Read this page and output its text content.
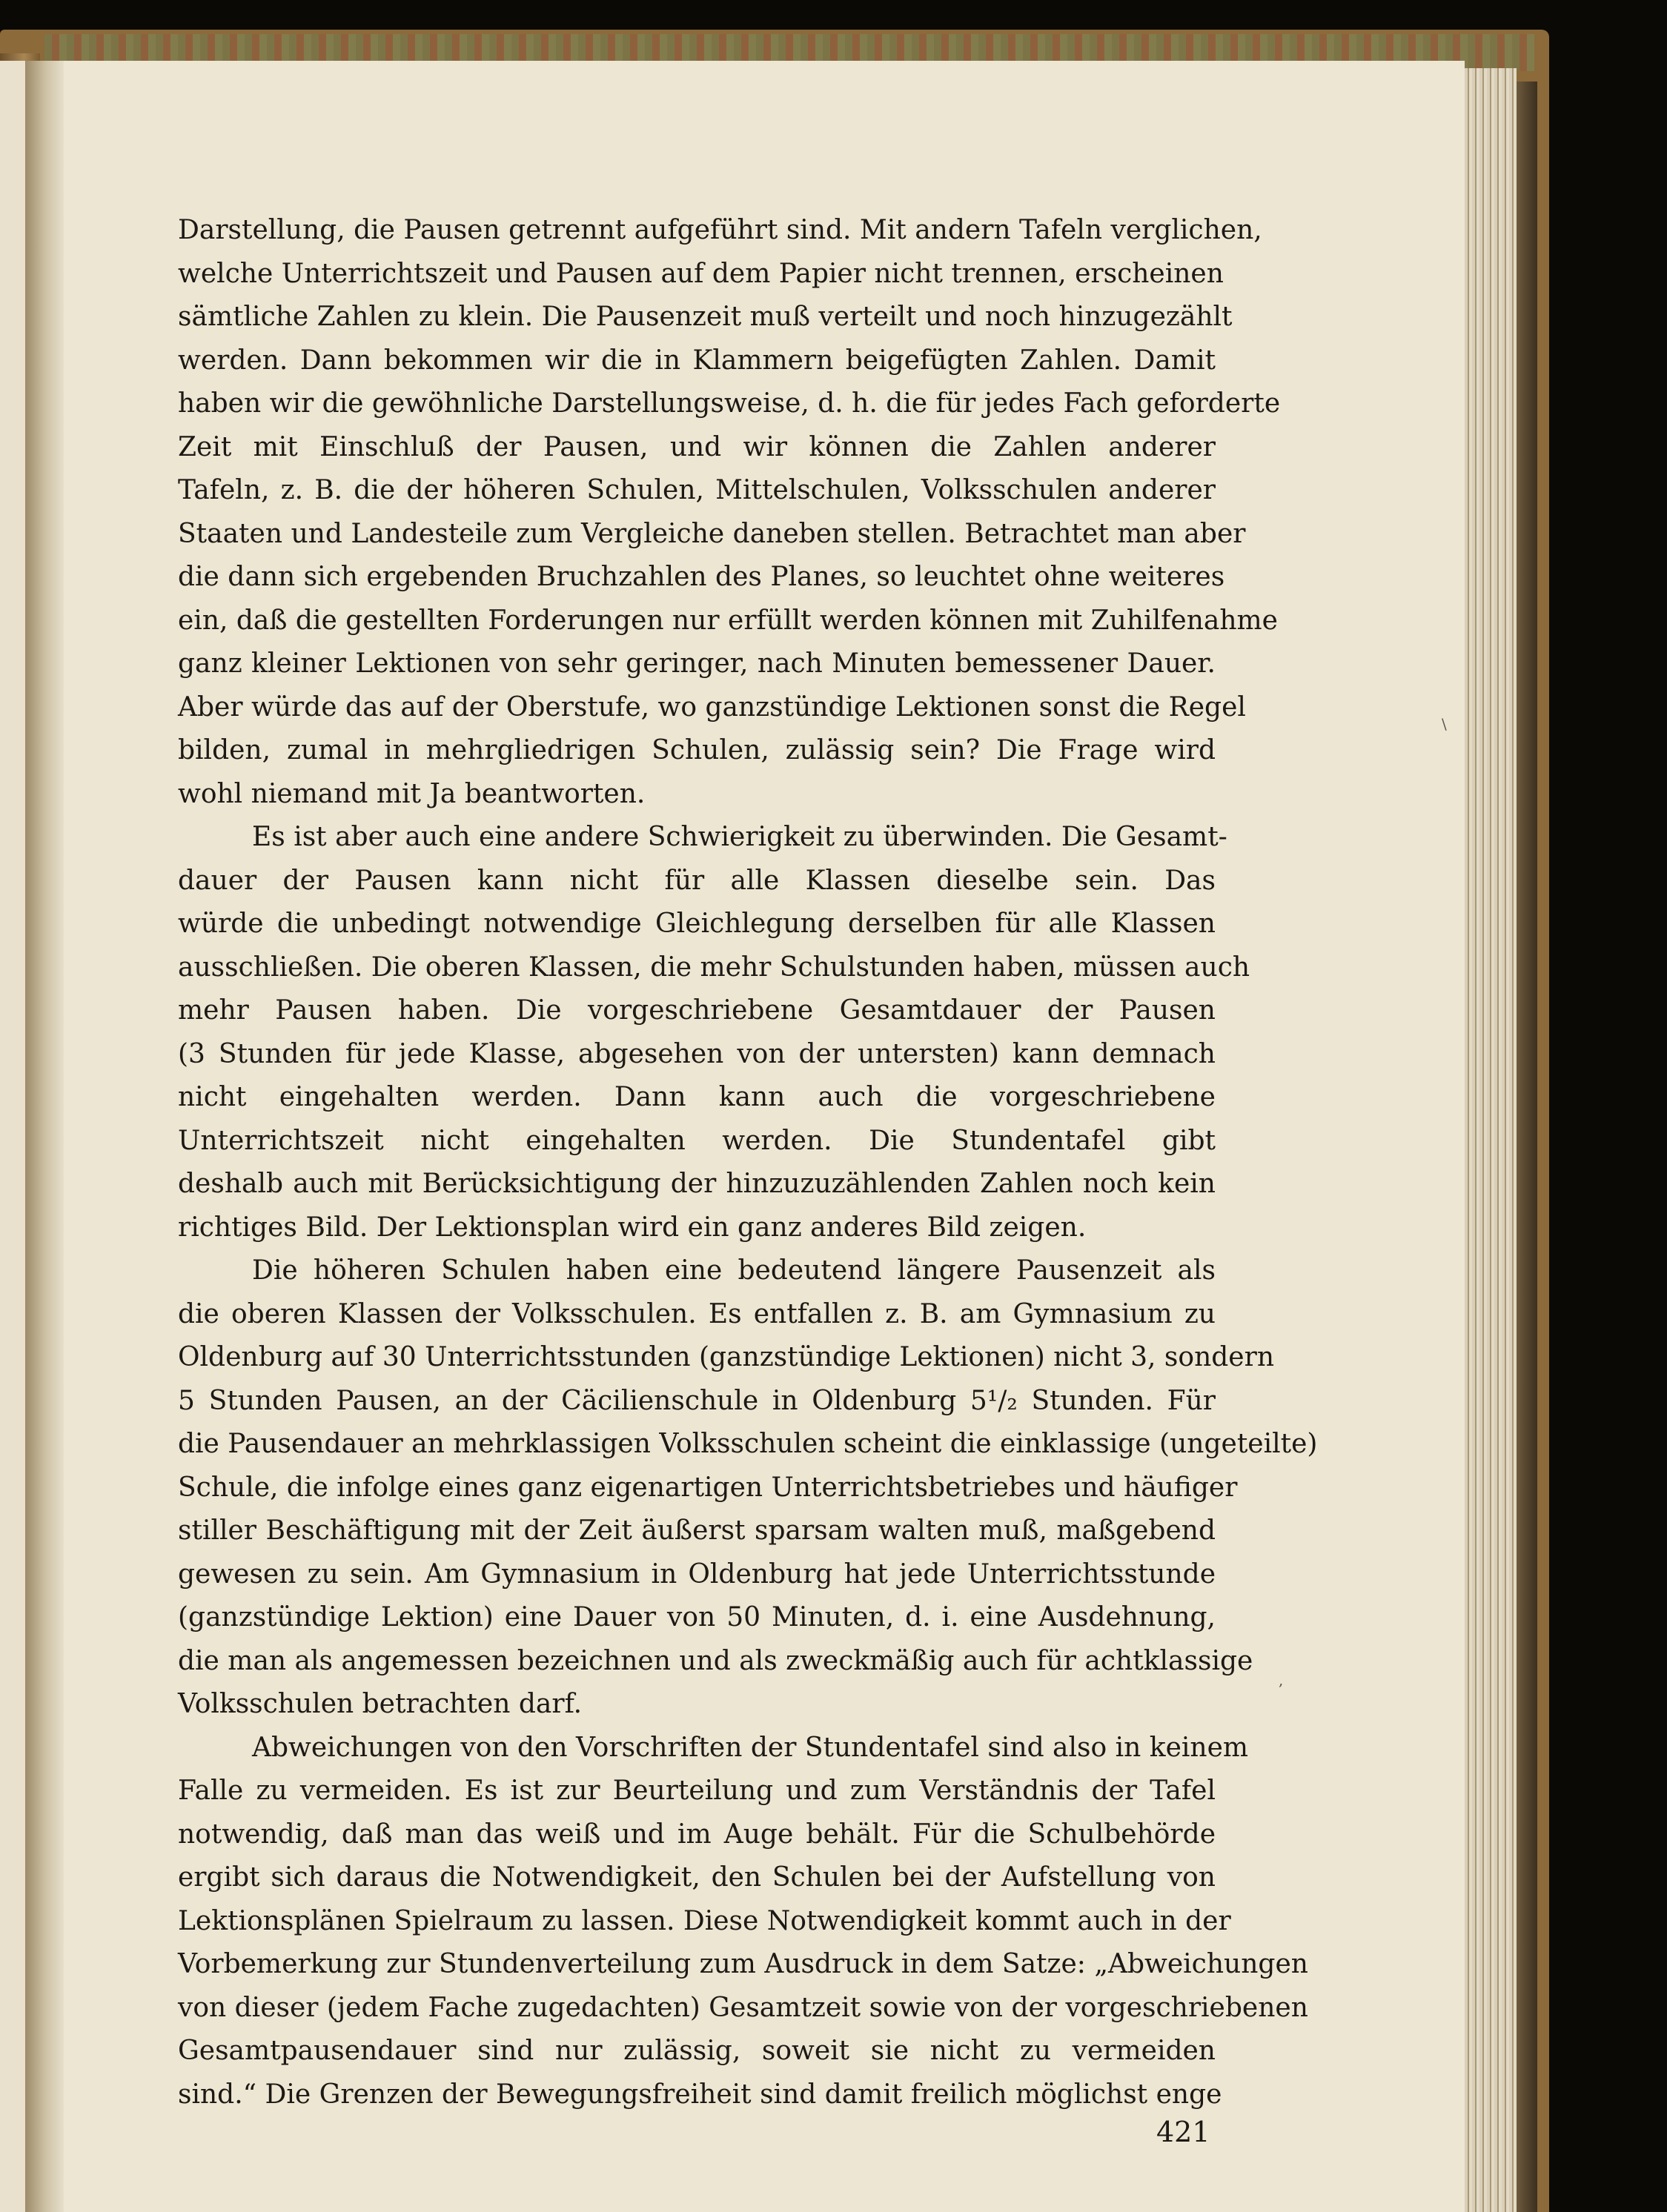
Darstellung, die Pausen getrennt aufgeführt sind. Mit andern Tafeln verglichen,
welche Unterrichtszeit und Pausen auf dem Papier nicht trennen, erscheinen
sämtliche Zahlen zu klein. Die Pausenzeit muß verteilt und noch hinzugezählt
werden. Dann bekommen wir die in Klammern beigefügten Zahlen. Damit
haben wir die gewöhnliche Darstellungsweise, d. h. die für jedes Fach geforderte
Zeit mit Einschluß der Pausen, und wir können die Zahlen anderer
Tafeln, z. B. die der höheren Schulen, Mittelschulen, Volksschulen anderer
Staaten und Landesteile zum Vergleiche daneben stellen. Betrachtet man aber
die dann sich ergebenden Bruchzahlen des Planes, so leuchtet ohne weiteres
ein, daß die gestellten Forderungen nur erfüllt werden können mit Zuhilfenahme
ganz kleiner Lektionen von sehr geringer, nach Minuten bemessener Dauer.
Aber würde das auf der Oberstufe, wo ganzstündige Lektionen sonst die Regel
bilden, zumal in mehrgliedrigen Schulen, zulässig sein? Die Frage wird
wohl niemand mit Ja beantworten.
Es ist aber auch eine andere Schwierigkeit zu überwinden. Die Gesamt-
dauer der Pausen kann nicht für alle Klassen dieselbe sein. Das
würde die unbedingt notwendige Gleichlegung derselben für alle Klassen
ausschließen. Die oberen Klassen, die mehr Schulstunden haben, müssen auch
mehr Pausen haben. Die vorgeschriebene Gesamtdauer der Pausen
(3 Stunden für jede Klasse, abgesehen von der untersten) kann demnach
nicht eingehalten werden. Dann kann auch die vorgeschriebene
Unterrichtszeit nicht eingehalten werden. Die Stundentafel gibt
deshalb auch mit Berücksichtigung der hinzuzuzählenden Zahlen noch kein
richtiges Bild. Der Lektionsplan wird ein ganz anderes Bild zeigen.
Die höheren Schulen haben eine bedeutend längere Pausenzeit als
die oberen Klassen der Volksschulen. Es entfallen z. B. am Gymnasium zu
Oldenburg auf 30 Unterrichtsstunden (ganzstündige Lektionen) nicht 3, sondern
5 Stunden Pausen, an der Cäcilienschule in Oldenburg 5¹/₂ Stunden. Für
die Pausendauer an mehrklassigen Volksschulen scheint die einklassige (ungeteilte)
Schule, die infolge eines ganz eigenartigen Unterrichtsbetriebes und häufiger
stiller Beschäftigung mit der Zeit äußerst sparsam walten muß, maßgebend
gewesen zu sein. Am Gymnasium in Oldenburg hat jede Unterrichtsstunde
(ganzstündige Lektion) eine Dauer von 50 Minuten, d. i. eine Ausdehnung,
die man als angemessen bezeichnen und als zweckmäßig auch für achtklassige
Volksschulen betrachten darf.
Abweichungen von den Vorschriften der Stundentafel sind also in keinem
Falle zu vermeiden. Es ist zur Beurteilung und zum Verständnis der Tafel
notwendig, daß man das weiß und im Auge behält. Für die Schulbehörde
ergibt sich daraus die Notwendigkeit, den Schulen bei der Aufstellung von
Lektionsplänen Spielraum zu lassen. Diese Notwendigkeit kommt auch in der
Vorbemerkung zur Stundenverteilung zum Ausdruck in dem Satze: „Abweichungen
von dieser (jedem Fache zugedachten) Gesamtzeit sowie von der vorgeschriebenen
Gesamtpausendauer sind nur zulässig, soweit sie nicht zu vermeiden
sind.“ Die Grenzen der Bewegungsfreiheit sind damit freilich möglichst enge
421
\
,
